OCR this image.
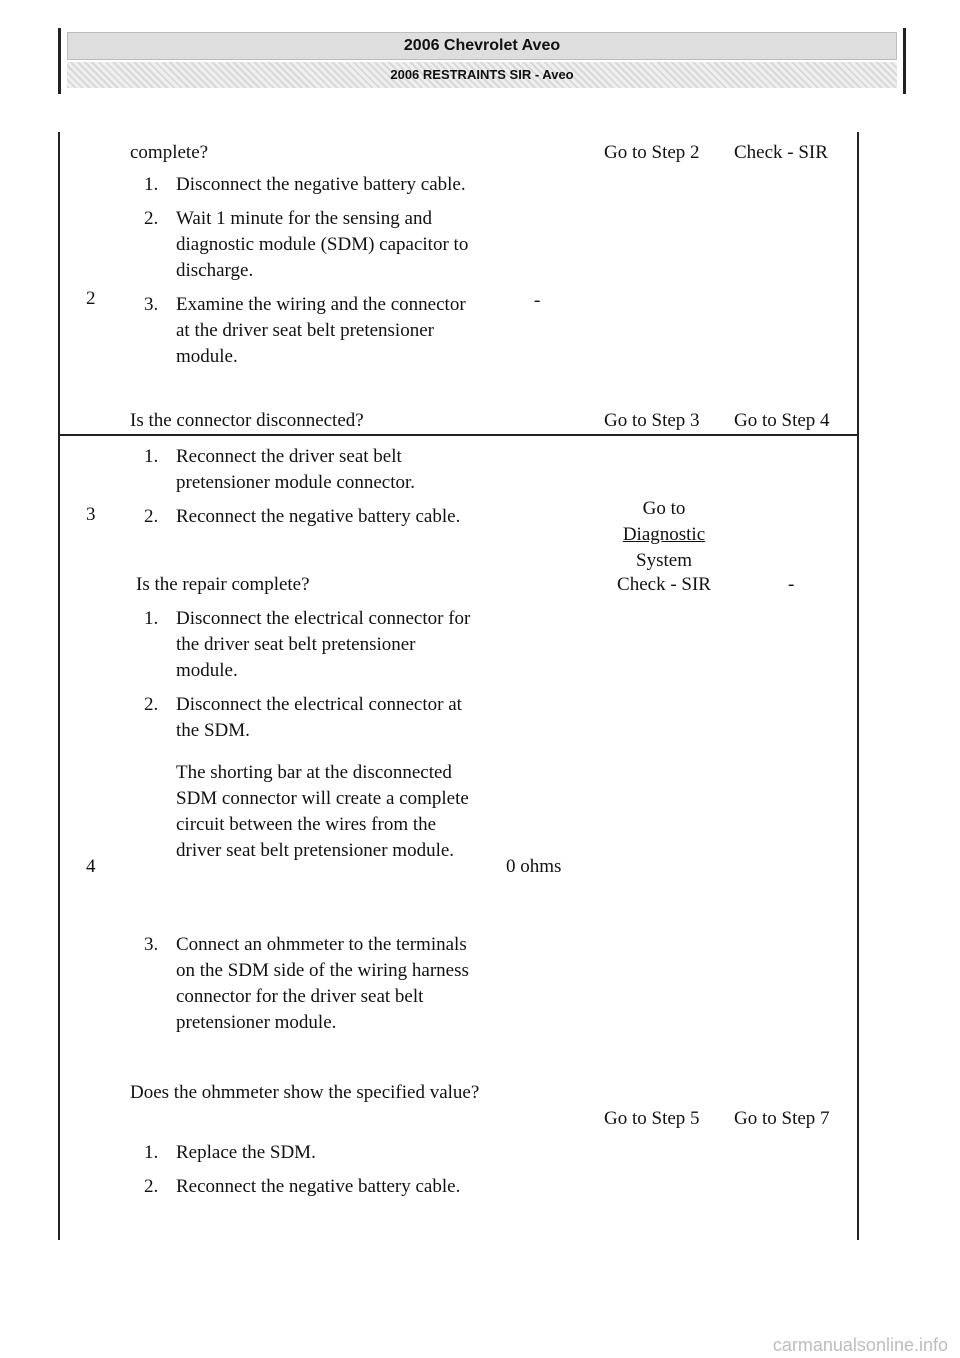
2006 Chevrolet Aveo
2006 RESTRAINTS SIR - Aveo
2
complete?
1. Disconnect the negative battery cable.
2. Wait 1 minute for the sensing and diagnostic module (SDM) capacitor to discharge.
3. Examine the wiring and the connector at the driver seat belt pretensioner module.
Is the connector disconnected?
-
Go to Step 2 Check - SIR
Go to Step 3 Go to Step 4
3
1. Reconnect the driver seat belt pretensioner module connector.
2. Reconnect the negative battery cable.
Is the repair complete?
Go to
Diagnostic
System
Check - SIR	-
4
1. Disconnect the electrical connector for the driver seat belt pretensioner module.
2. Disconnect the electrical connector at the SDM.
The shorting bar at the disconnected SDM connector will create a complete circuit between the wires from the driver seat belt pretensioner module.
3. Connect an ohmmeter to the terminals on the SDM side of the wiring harness connector for the driver seat belt pretensioner module.
Does the ohmmeter show the specified value?
0 ohms
Go to Step 5 Go to Step 7
1. Replace the SDM.
2. Reconnect the negative battery cable.
carmanualsonline.info
